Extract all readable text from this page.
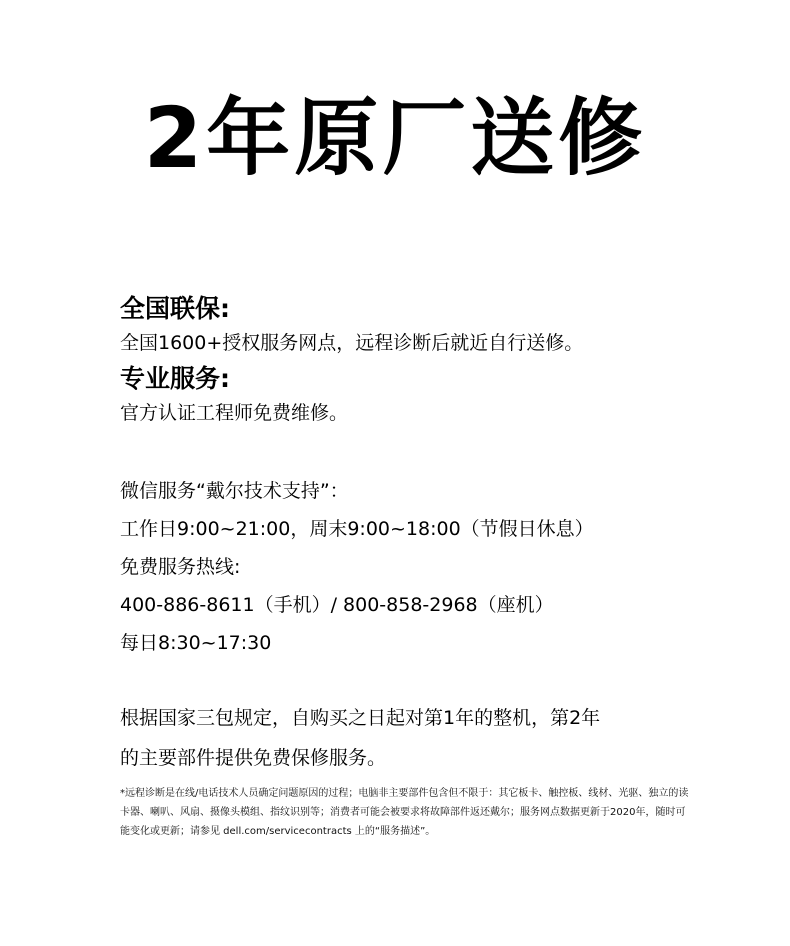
2年原厂送修
全国联保:
全国1600+授权服务网点，远程诊断后就近自行送修。
专业服务:
官方认证工程师免费维修。
微信服务“戴尔技术支持”：
工作日9:00~21:00，周末9:00~18:00（节假日休息）
免费服务热线:
400-886-8611（手机）/ 800-858-2968（座机）
每日8:30~17:30
根据国家三包规定，自购买之日起对第1年的整机，第2年
的主要部件提供免费保修服务。
*远程诊断是在线/电话技术人员确定问题原因的过程；电脑非主要部件包含但不限于：其它板卡、触控板、线材、光驱、独立的读卡器、喇叭、风扇、摄像头模组、指纹识别等；消费者可能会被要求将故障部件返还戴尔；服务网点数据更新于2020年，随时可能变化或更新；请参见 dell.com/servicecontracts 上的“服务描述”。
